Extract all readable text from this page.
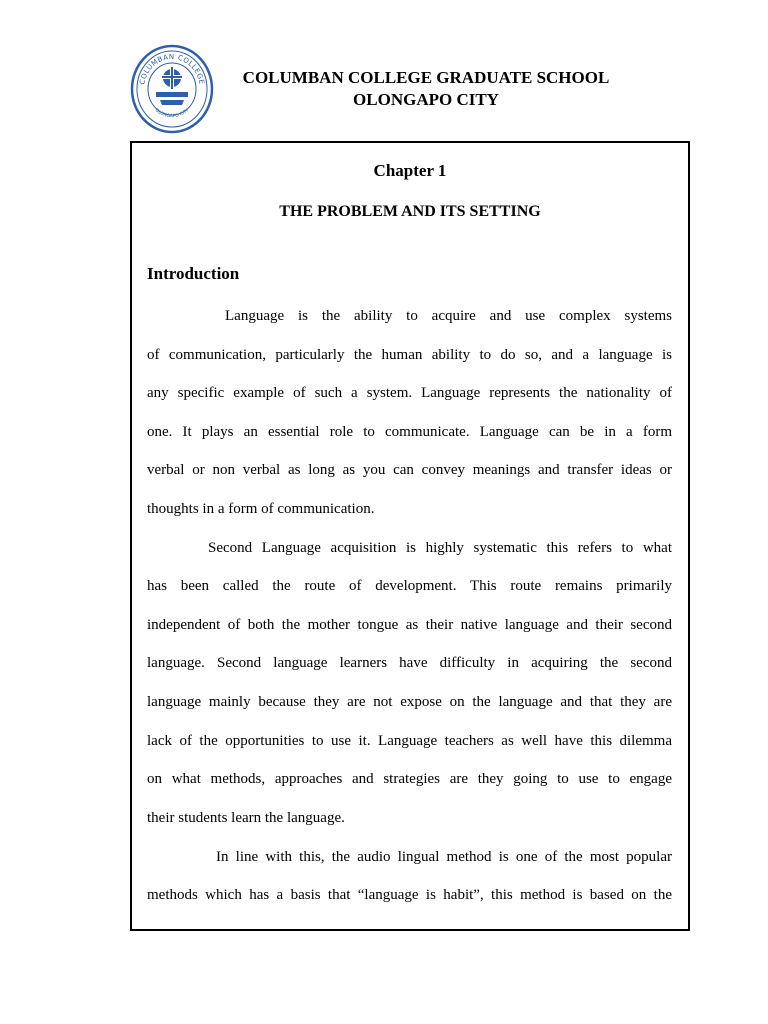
COLUMBAN COLLEGE
OLONGAPO CITY
COLUMBAN COLLEGE GRADUATE SCHOOL
OLONGAPO CITY
Chapter 1
THE PROBLEM AND ITS SETTING
Introduction
Language is the ability to acquire and use complex systems
of communication, particularly the human ability to do so, and a language is
any specific example of such a system. Language represents the nationality of
one. It plays an essential role to communicate. Language can be in a form
verbal or non verbal as long as you can convey meanings and transfer ideas or
thoughts in a form of communication.
Second Language acquisition is highly systematic this refers to what
has been called the route of development. This route remains primarily
independent of both the mother tongue as their native language and their second
language. Second language learners have difficulty in acquiring the second
language mainly because they are not expose on the language and that they are
lack of the opportunities to use it. Language teachers as well have this dilemma
on what methods, approaches and strategies are they going to use to engage
their students learn the language.
In line with this, the audio lingual method is one of the most popular
methods which has a basis that “language is habit”, this method is based on the
